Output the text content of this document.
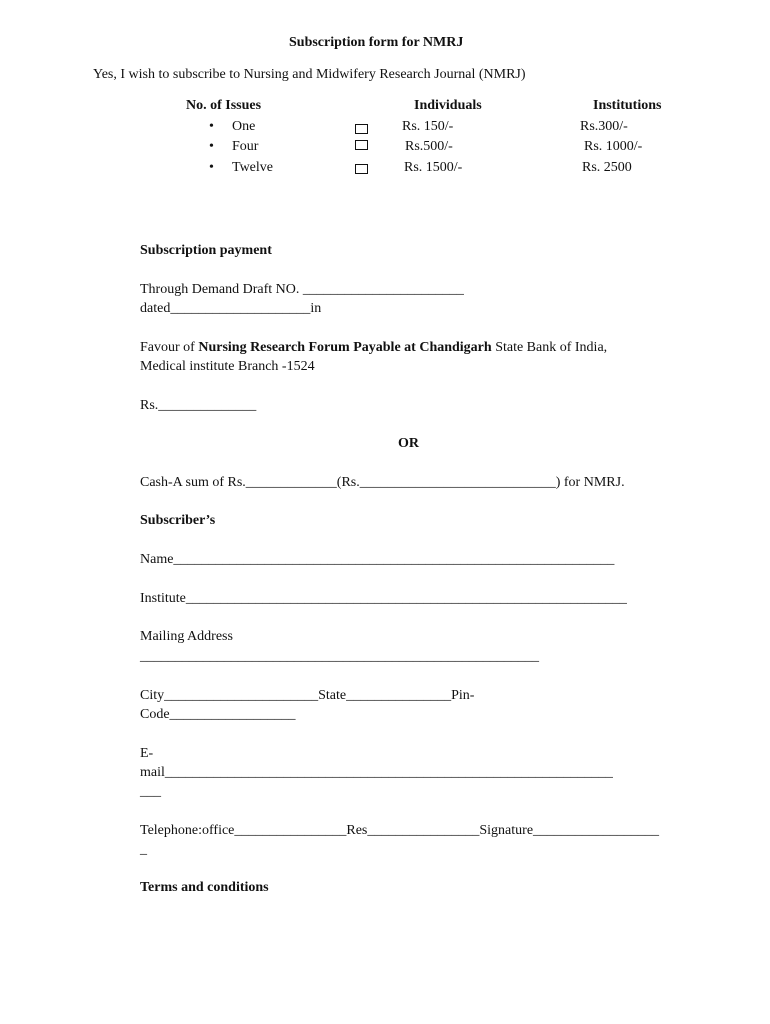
Subscription form for NMRJ
Yes, I wish to subscribe to Nursing and Midwifery Research Journal (NMRJ)
No. of Issues	Individuals	Institutions
• One	Rs. 150/-	Rs.300/-
• Four	Rs.500/-	Rs. 1000/-
• Twelve	Rs. 1500/-	Rs. 2500
Subscription payment
Through Demand Draft NO. _______________________
dated____________________in
Favour of Nursing Research Forum Payable at Chandigarh State Bank of India,
Medical institute Branch -1524
Rs.______________
OR
Cash-A sum of Rs._____________(Rs.____________________________) for NMRJ.
Subscriber’s
Name_______________________________________________________________
Institute_______________________________________________________________
Mailing Address
_________________________________________________________
City______________________State_______________Pin-
Code__________________
E-
mail________________________________________________________________
___
Telephone:office________________Res________________Signature__________________
_
Terms and conditions
